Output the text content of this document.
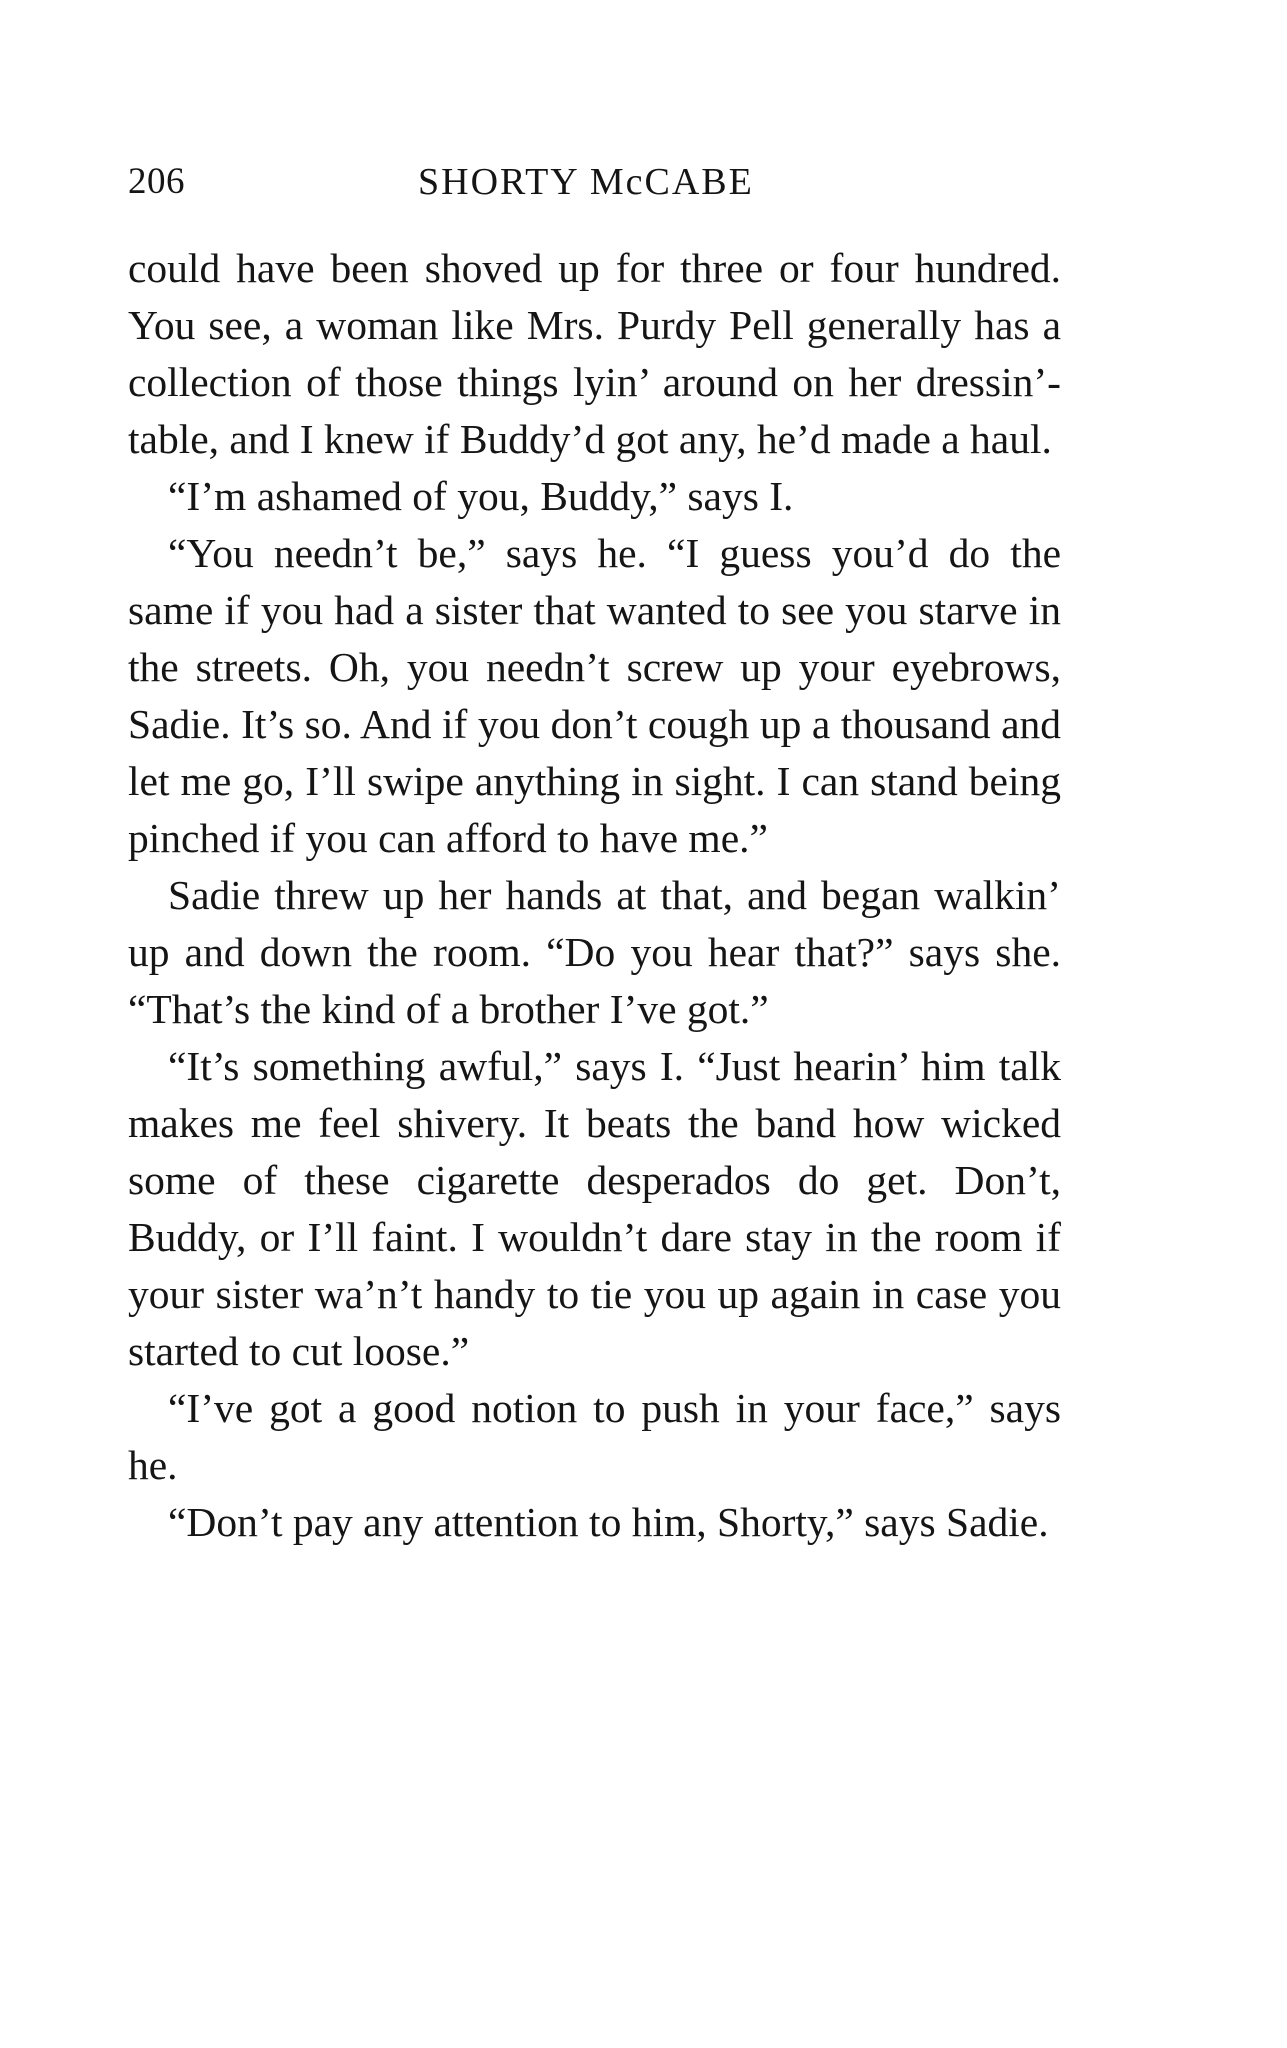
206	SHORTY McCABE

could have been shoved up for three or four hundred. You see, a woman like Mrs. Purdy Pell generally has a collection of those things lyin’ around on her dressin’-table, and I knew if Buddy’d got any, he’d made a haul.

“I’m ashamed of you, Buddy,” says I.

“You needn’t be,” says he. “I guess you’d do the same if you had a sister that wanted to see you starve in the streets. Oh, you needn’t screw up your eyebrows, Sadie. It’s so. And if you don’t cough up a thousand and let me go, I’ll swipe anything in sight. I can stand being pinched if you can afford to have me.”

Sadie threw up her hands at that, and began walkin’ up and down the room. “Do you hear that?” says she. “That’s the kind of a brother I’ve got.”

“It’s something awful,” says I. “Just hearin’ him talk makes me feel shivery. It beats the band how wicked some of these cigarette desperados do get. Don’t, Buddy, or I’ll faint. I wouldn’t dare stay in the room if your sister wa’n’t handy to tie you up again in case you started to cut loose.”

“I’ve got a good notion to push in your face,” says he.

“Don’t pay any attention to him, Shorty,” says Sadie.
